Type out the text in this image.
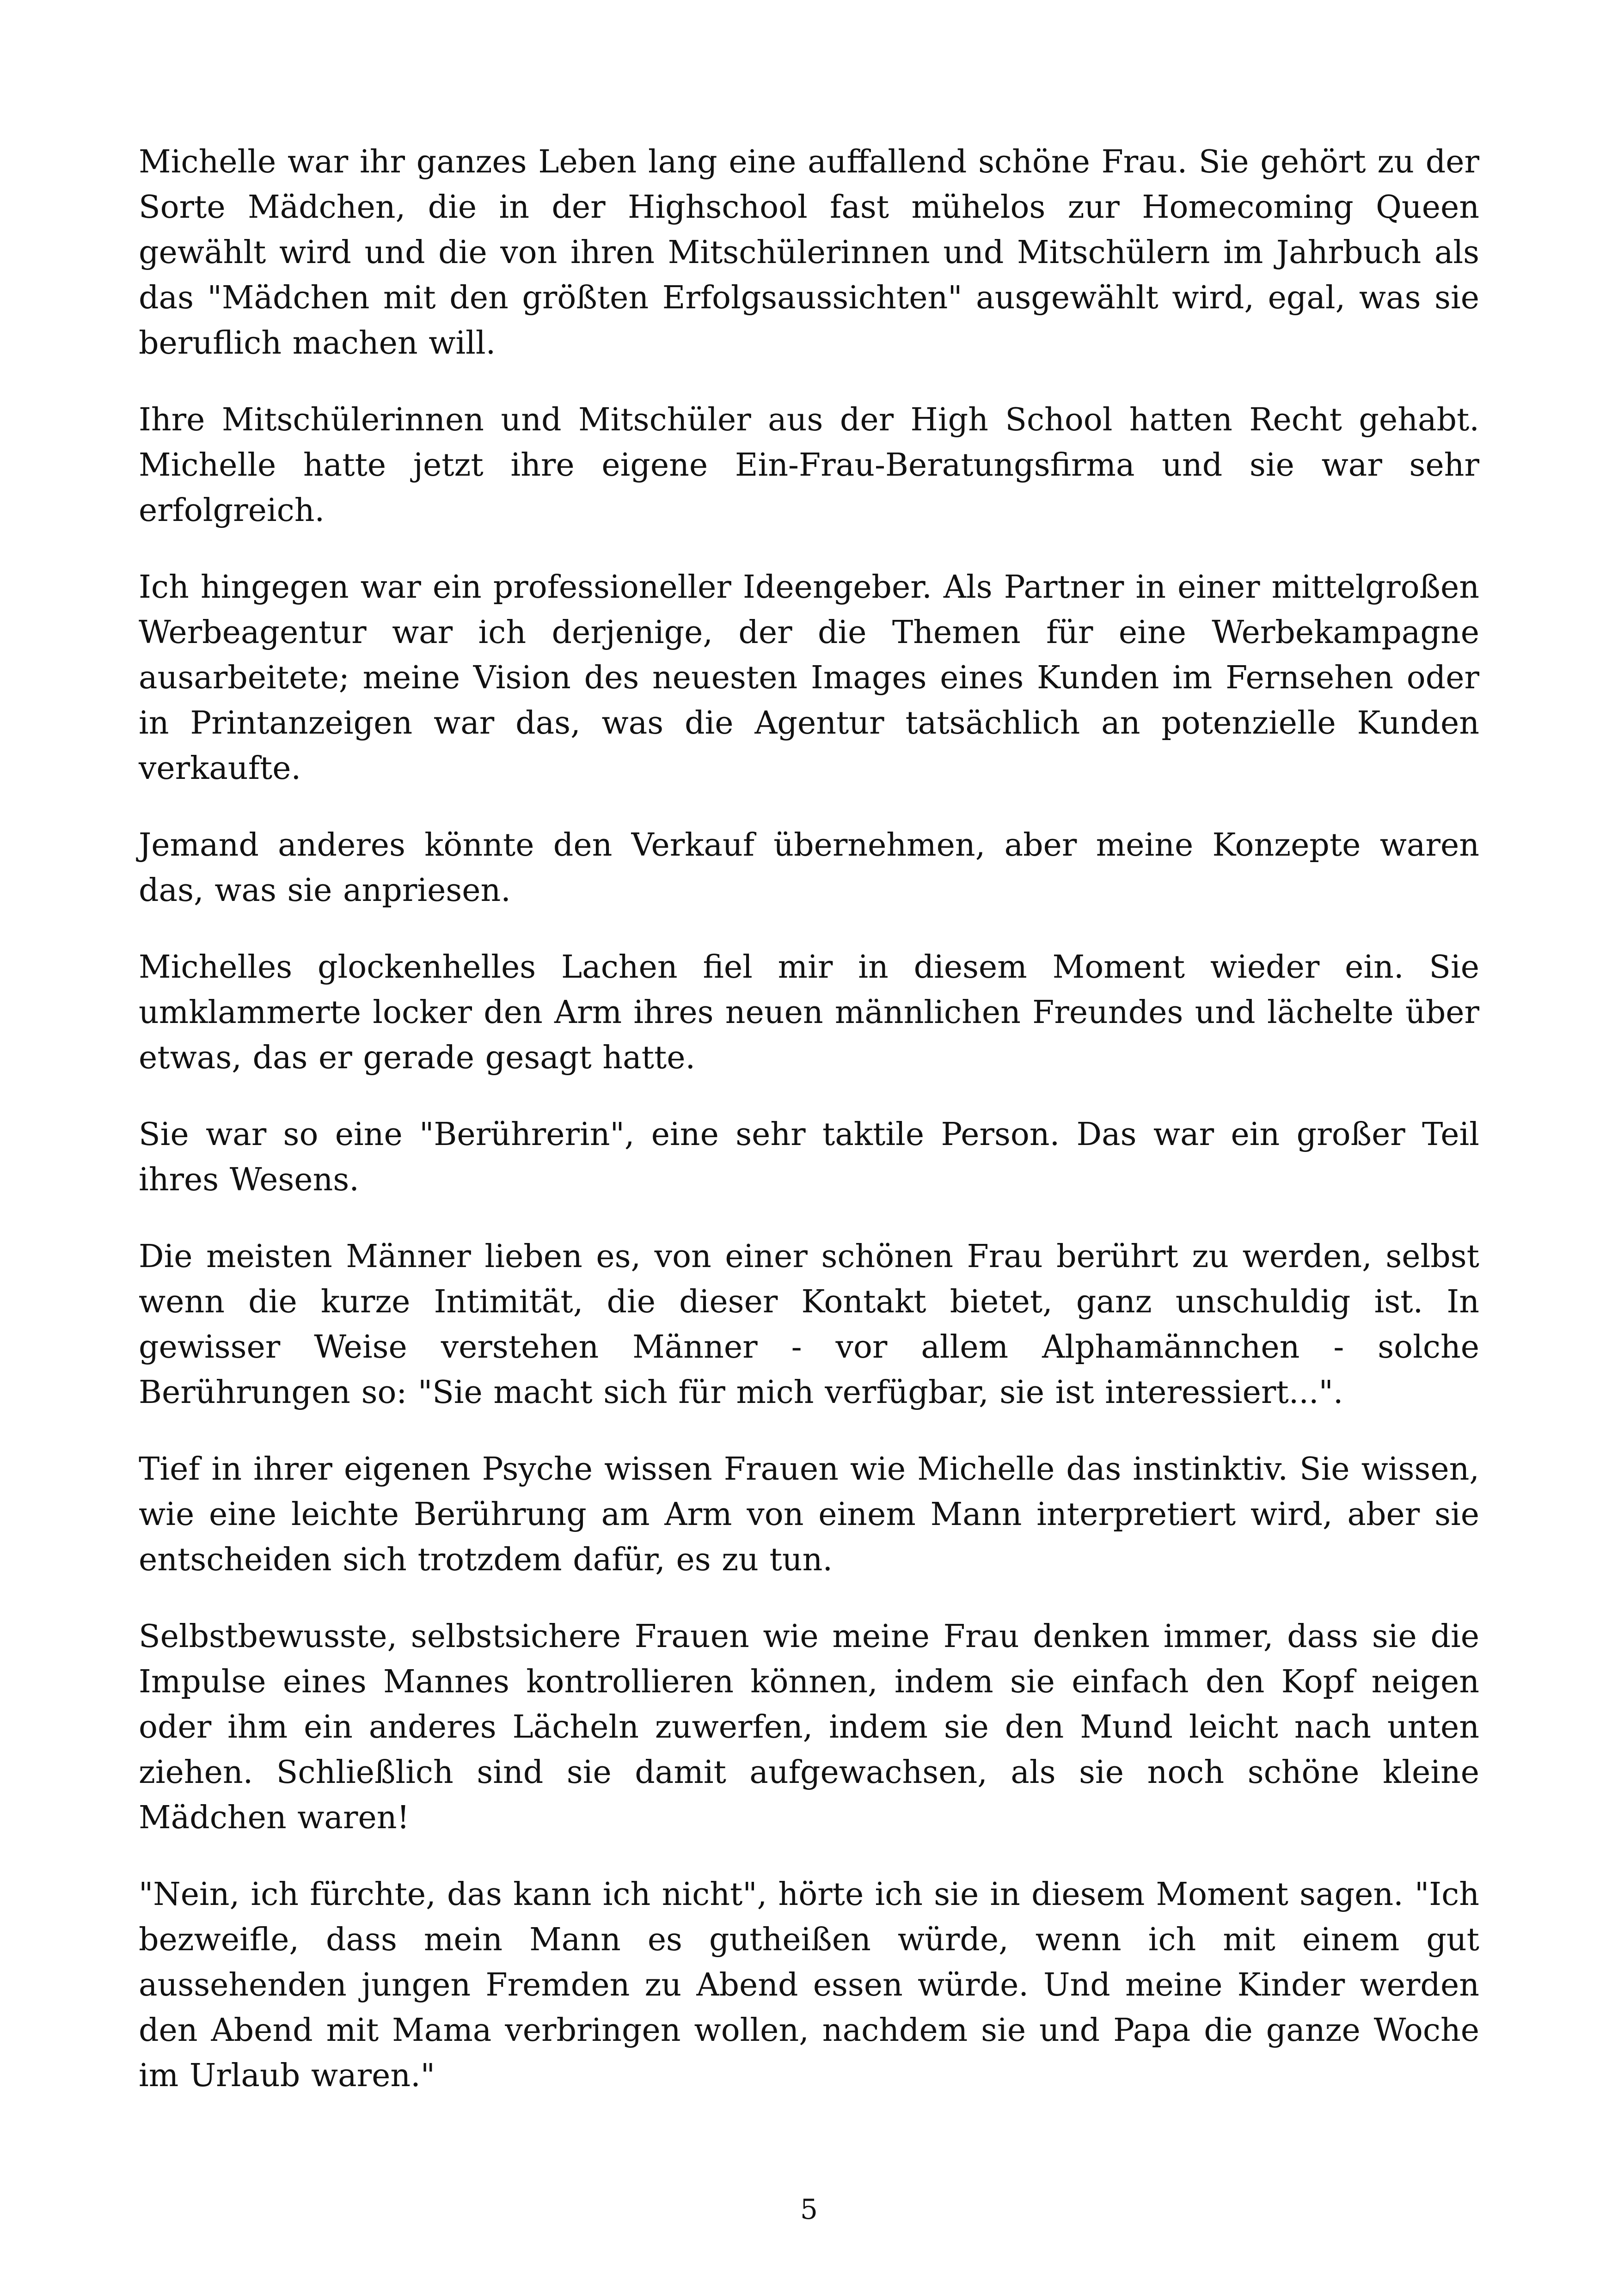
Michelle war ihr ganzes Leben lang eine auffallend schöne Frau. Sie gehört zu der Sorte Mädchen, die in der Highschool fast mühelos zur Homecoming Queen gewählt wird und die von ihren Mitschülerinnen und Mitschülern im Jahrbuch als das "Mädchen mit den größten Erfolgsaussichten" ausgewählt wird, egal, was sie beruflich machen will.

Ihre Mitschülerinnen und Mitschüler aus der High School hatten Recht gehabt. Michelle hatte jetzt ihre eigene Ein-Frau-Beratungsfirma und sie war sehr erfolgreich.

Ich hingegen war ein professioneller Ideengeber. Als Partner in einer mittelgroßen Werbeagentur war ich derjenige, der die Themen für eine Werbekampagne ausarbeitete; meine Vision des neuesten Images eines Kunden im Fernsehen oder in Printanzeigen war das, was die Agentur tatsächlich an potenzielle Kunden verkaufte.

Jemand anderes könnte den Verkauf übernehmen, aber meine Konzepte waren das, was sie anpriesen.

Michelles glockenhelles Lachen fiel mir in diesem Moment wieder ein. Sie umklammerte locker den Arm ihres neuen männlichen Freundes und lächelte über etwas, das er gerade gesagt hatte.

Sie war so eine "Berührerin", eine sehr taktile Person. Das war ein großer Teil ihres Wesens.

Die meisten Männer lieben es, von einer schönen Frau berührt zu werden, selbst wenn die kurze Intimität, die dieser Kontakt bietet, ganz unschuldig ist. In gewisser Weise verstehen Männer - vor allem Alphamännchen - solche Berührungen so: "Sie macht sich für mich verfügbar, sie ist interessiert...".

Tief in ihrer eigenen Psyche wissen Frauen wie Michelle das instinktiv. Sie wissen, wie eine leichte Berührung am Arm von einem Mann interpretiert wird, aber sie entscheiden sich trotzdem dafür, es zu tun.

Selbstbewusste, selbstsichere Frauen wie meine Frau denken immer, dass sie die Impulse eines Mannes kontrollieren können, indem sie einfach den Kopf neigen oder ihm ein anderes Lächeln zuwerfen, indem sie den Mund leicht nach unten ziehen. Schließlich sind sie damit aufgewachsen, als sie noch schöne kleine Mädchen waren!

"Nein, ich fürchte, das kann ich nicht", hörte ich sie in diesem Moment sagen. "Ich bezweifle, dass mein Mann es gutheißen würde, wenn ich mit einem gut aussehenden jungen Fremden zu Abend essen würde. Und meine Kinder werden den Abend mit Mama verbringen wollen, nachdem sie und Papa die ganze Woche im Urlaub waren."

5
